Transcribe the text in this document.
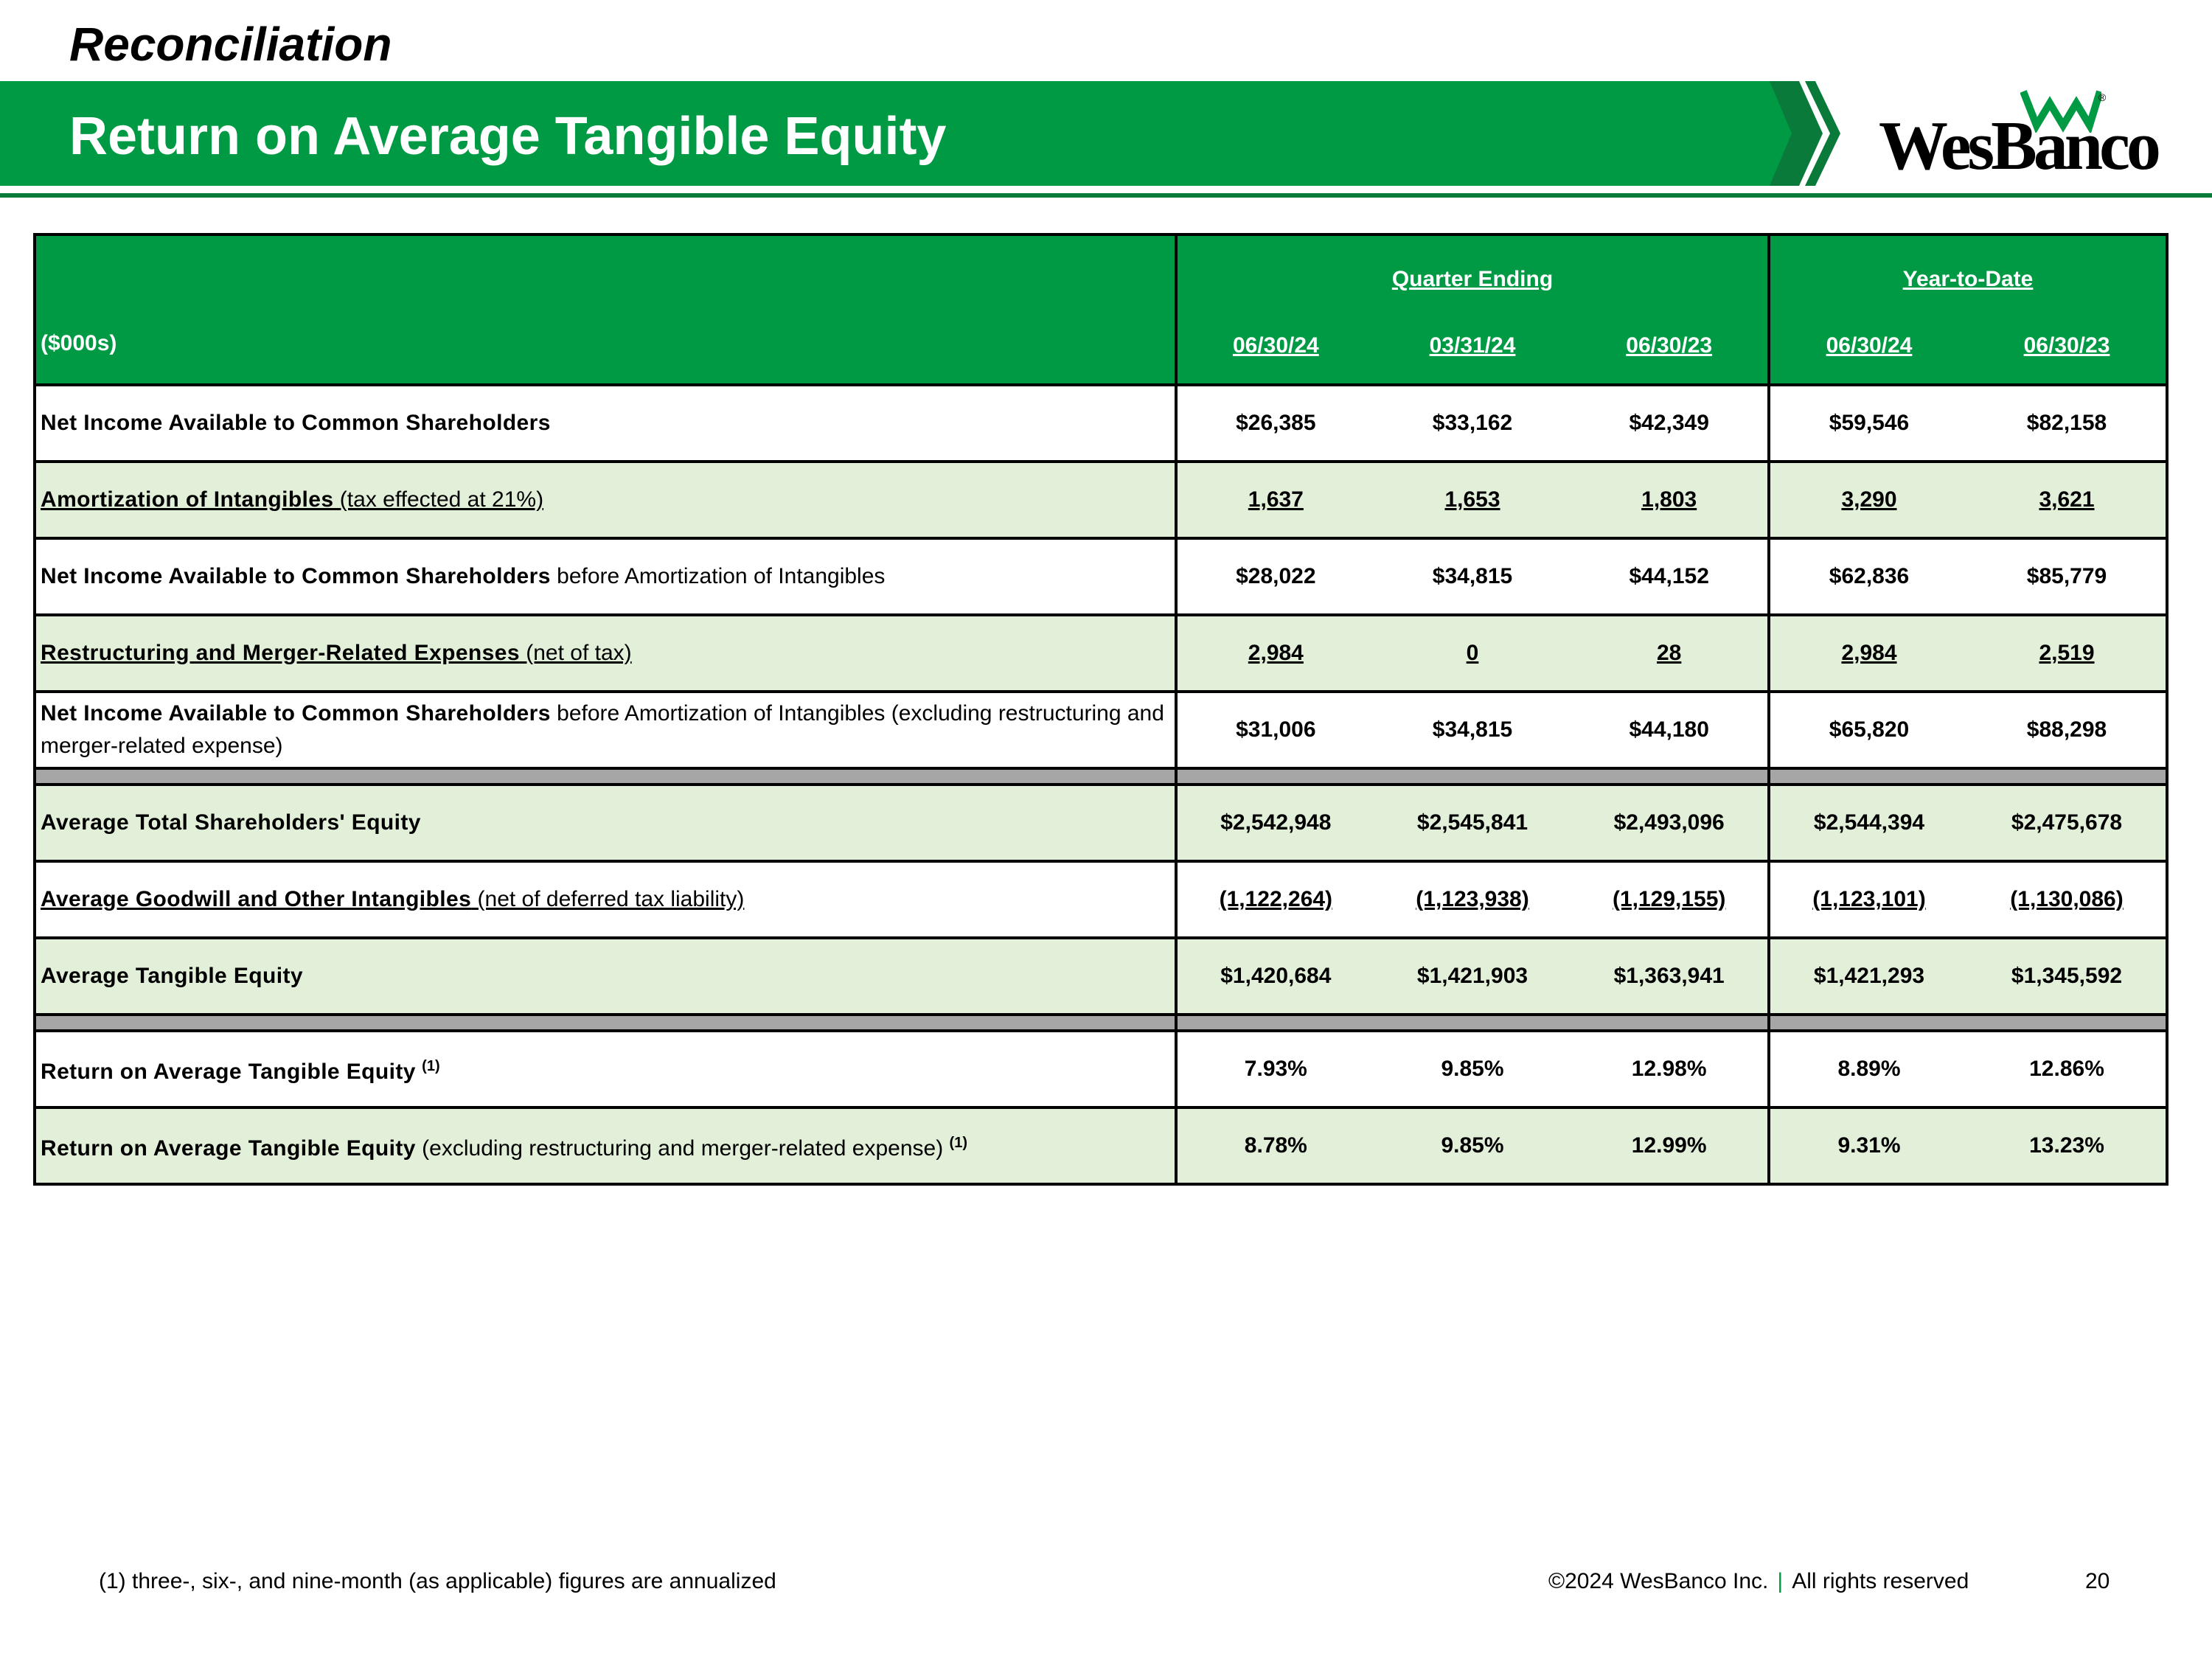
Reconciliation
Return on Average Tangible Equity
®

WesBanco

($000s)	Quarter Ending	Year-to-Date

	06/30/24 03/31/24 06/30/23	06/30/24 06/30/23

Net Income Available to Common Shareholders	$26,385 $33,162 $42,349	$59,546 $82,158

Amortization of Intangibles (tax effected at 21%)	1,637 1,653 1,803	3,290 3,621

Net Income Available to Common Shareholders before Amortization of Intangibles	$28,022 $34,815 $44,152	$62,836 $85,779

Restructuring and Merger-Related Expenses (net of tax)	2,984 0 28	2,984 2,519

Net Income Available to Common Shareholders before Amortization of Intangibles (excluding restructuring and merger-related expense)	$31,006 $34,815 $44,180	$65,820 $88,298

Average Total Shareholders' Equity	$2,542,948 $2,545,841 $2,493,096	$2,544,394 $2,475,678

Average Goodwill and Other Intangibles (net of deferred tax liability)	(1,122,264) (1,123,938) (1,129,155)	(1,123,101) (1,130,086)

Average Tangible Equity	$1,420,684 $1,421,903 $1,363,941	$1,421,293 $1,345,592

Return on Average Tangible Equity $^{(1)}$	7.93% 9.85% 12.98%	8.89% 12.86%

Return on Average Tangible Equity (excluding restructuring and merger-related expense) $^{(1)}$	8.78% 9.85% 12.99%	9.31% 13.23%

(1) three-, six-, and nine-month (as applicable) figures are annualized	©2024 WesBanco Inc. | All rights reserved	20
